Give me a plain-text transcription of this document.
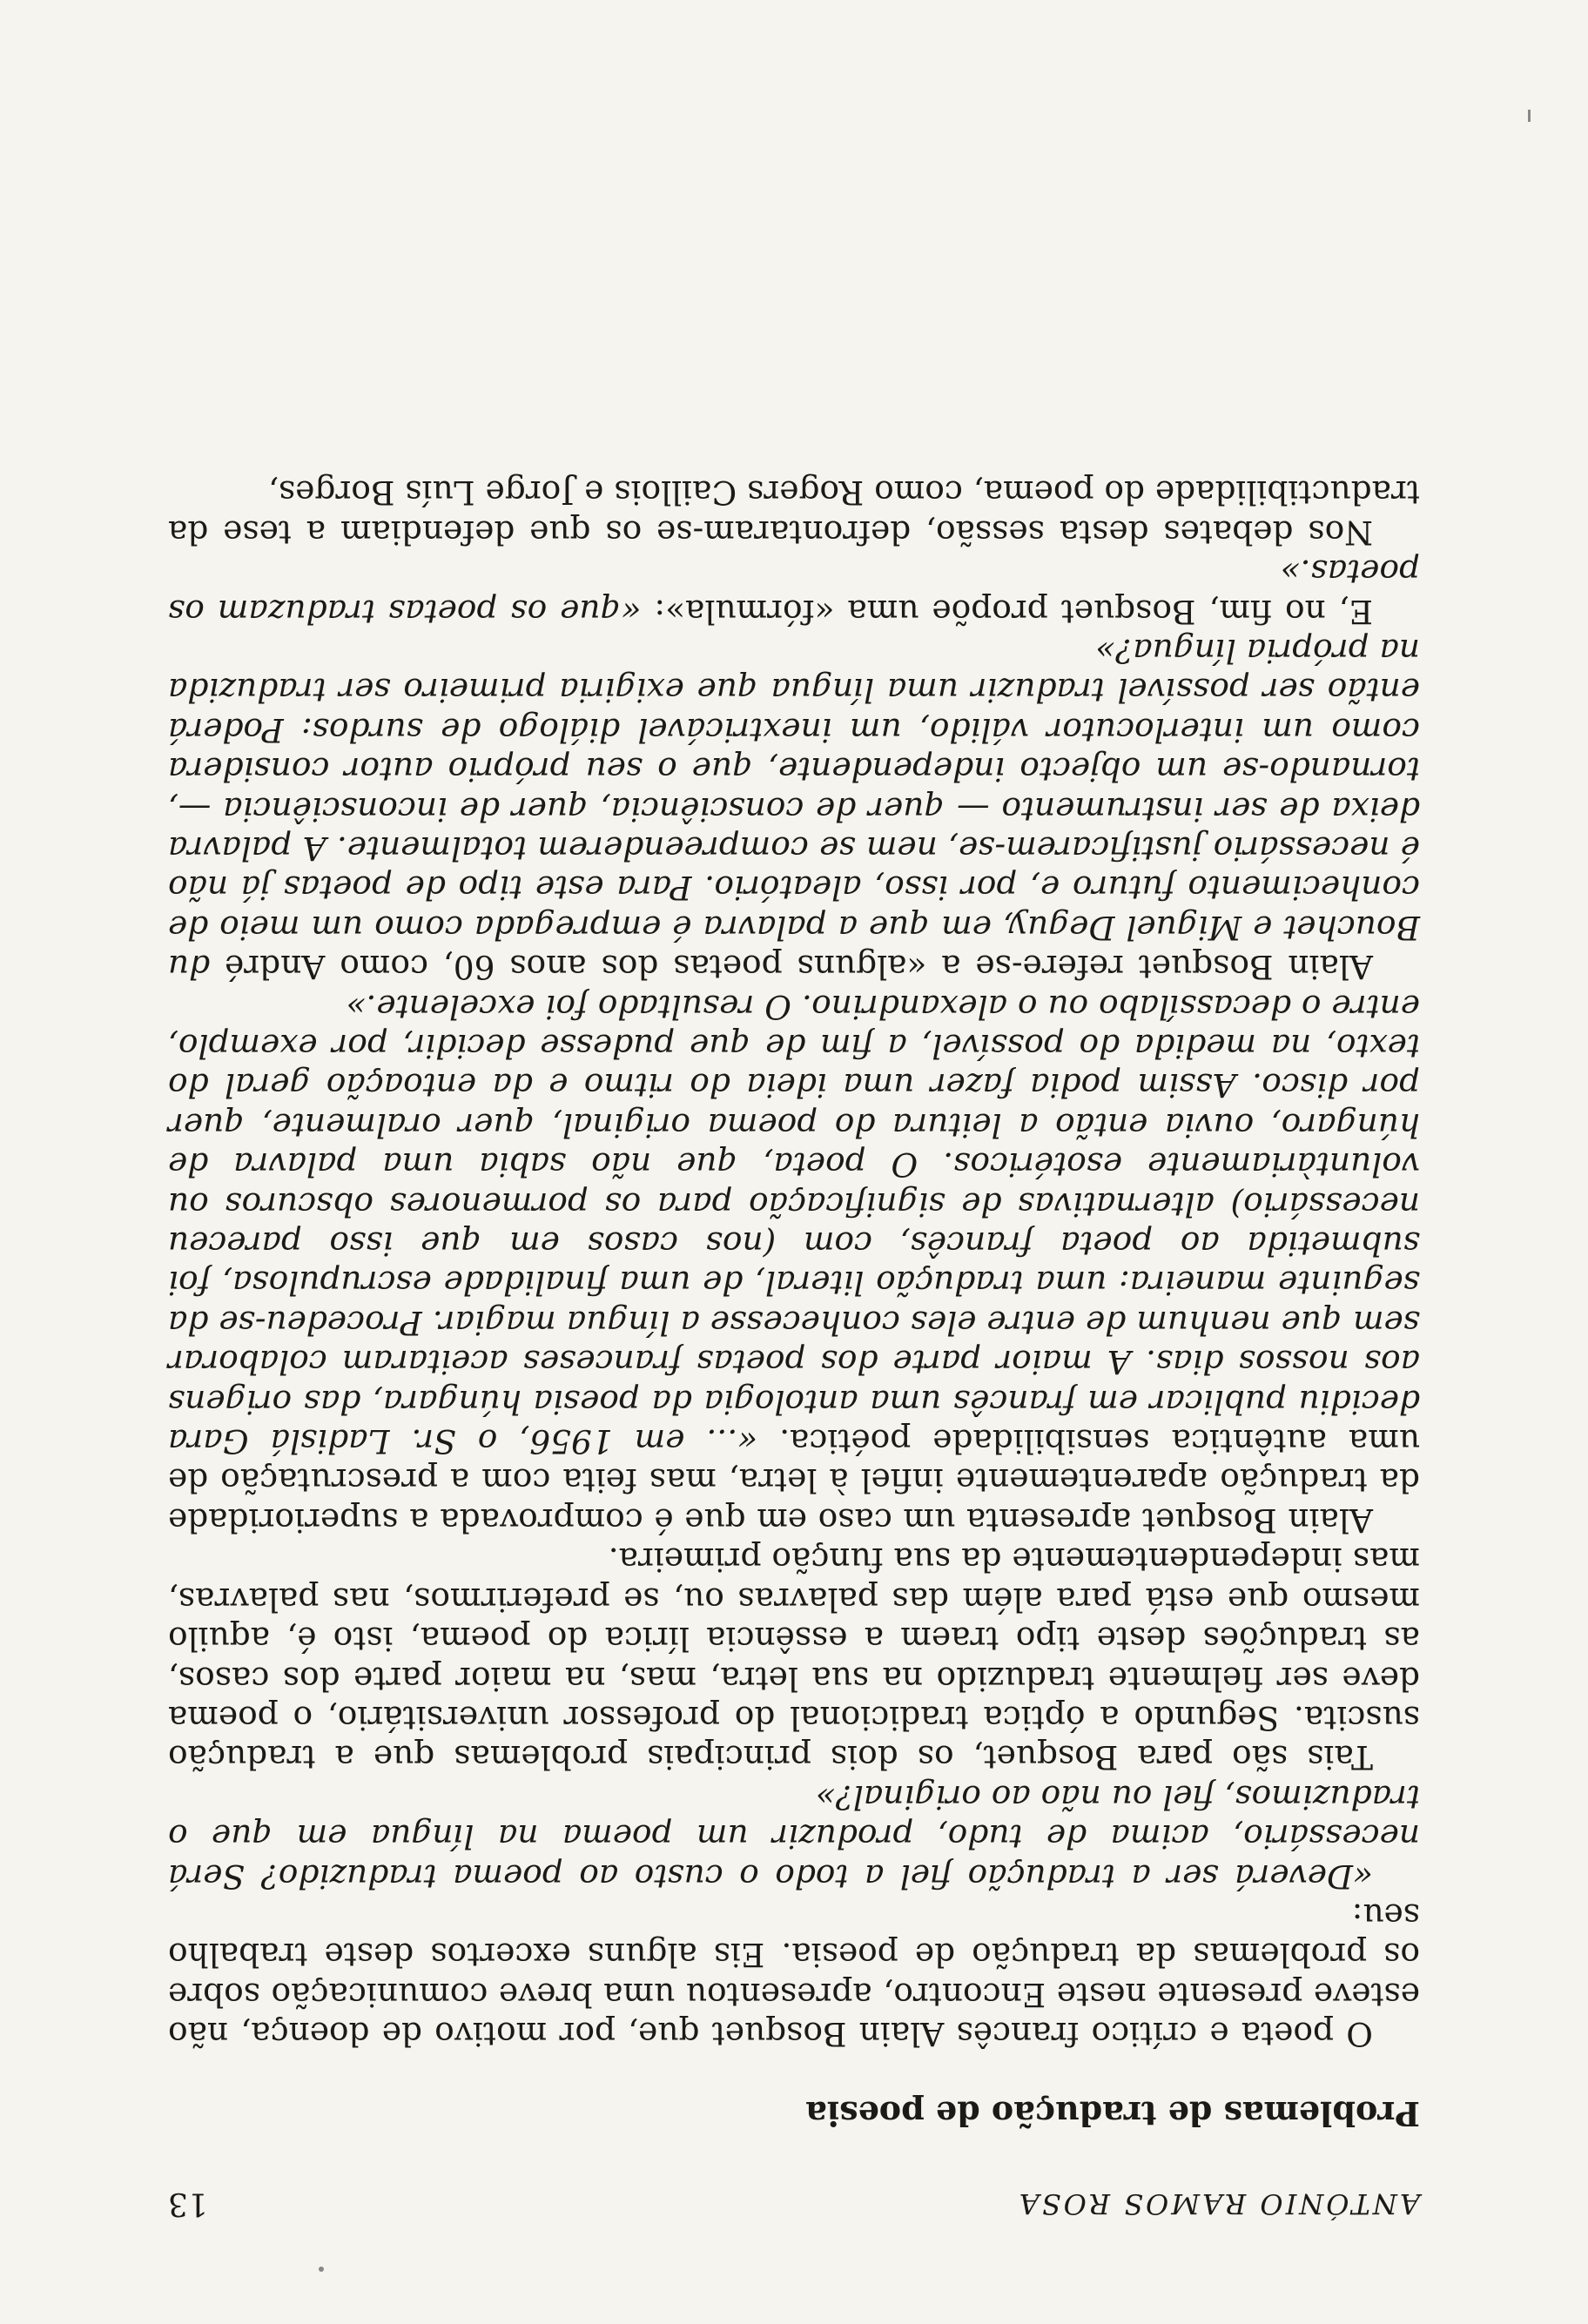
ANTÓNIO RAMOS ROSA
13
Problemas de tradução de poesia

O poeta e crítico francês Alain Bosquet que, por motivo de doença, não esteve presente neste Encontro, apresentou uma breve comunicação sobre os problemas da tradução de poesia. Eis alguns excertos deste trabalho seu:

«Deverá ser a tradução fiel a todo o custo ao poema traduzido? Será necessário, acima de tudo, produzir um poema na língua em que o traduzimos, fiel ou não ao original?»

Tais são para Bosquet, os dois principais problemas que a tradução suscita. Segundo a óptica tradicional do professor universitário, o poema deve ser fielmente traduzido na sua letra, mas, na maior parte dos casos, as traduções deste tipo traem a essência lírica do poema, isto é, aquilo mesmo que está para além das palavras ou, se preferirmos, nas palavras, mas independentemente da sua função primeira.

Alain Bosquet apresenta um caso em que é comprovada a superioridade da tradução aparentemente infiel à letra, mas feita com a prescrutação de uma autêntica sensibilidade poética. «... em 1956, o Sr. Ladislá Gara decidiu publicar em francês uma antologia da poesia húngara, das origens aos nossos dias. A maior parte dos poetas franceses aceitaram colaborar sem que nenhum de entre eles conhecesse a língua magiar. Procedeu-se da seguinte maneira: uma tradução literal, de uma finalidade escrupulosa, foi submetida ao poeta francês, com (nos casos em que isso pareceu necessário) alternativas de significação para os pormenores obscuros ou voluntàriamente esotéricos. O poeta, que não sabia uma palavra de húngaro, ouvia então a leitura do poema original, quer oralmente, quer por disco. Assim podia fazer uma ideia do ritmo e da entoação geral do texto, na medida do possível, a fim de que pudesse decidir, por exemplo, entre o decassílabo ou o alexandrino. O resultado foi excelente.»

Alain Bosquet refere-se a «alguns poetas dos anos 60, como André du Bouchet e Miguel Deguy, em que a palavra é empregada como um meio de conhecimento futuro e, por isso, aleatório. Para este tipo de poetas já não é necessário justificarem-se, nem se compreenderem totalmente. A palavra deixa de ser instrumento — quer de consciência, quer de inconsciência —, tornando-se um objecto independente, que o seu próprio autor considera como um interlocutor válido, um inextricável diálogo de surdos: Poderá então ser possível traduzir uma língua que exigiria primeiro ser traduzida na própria língua?»

E, no fim, Bosquet propõe uma «fórmula»: «que os poetas traduzam os poetas.»

Nos debates desta sessão, defrontaram-se os que defendiam a tese da traductibilidade do poema, como Rogers Caillois e Jorge Luís Borges,
